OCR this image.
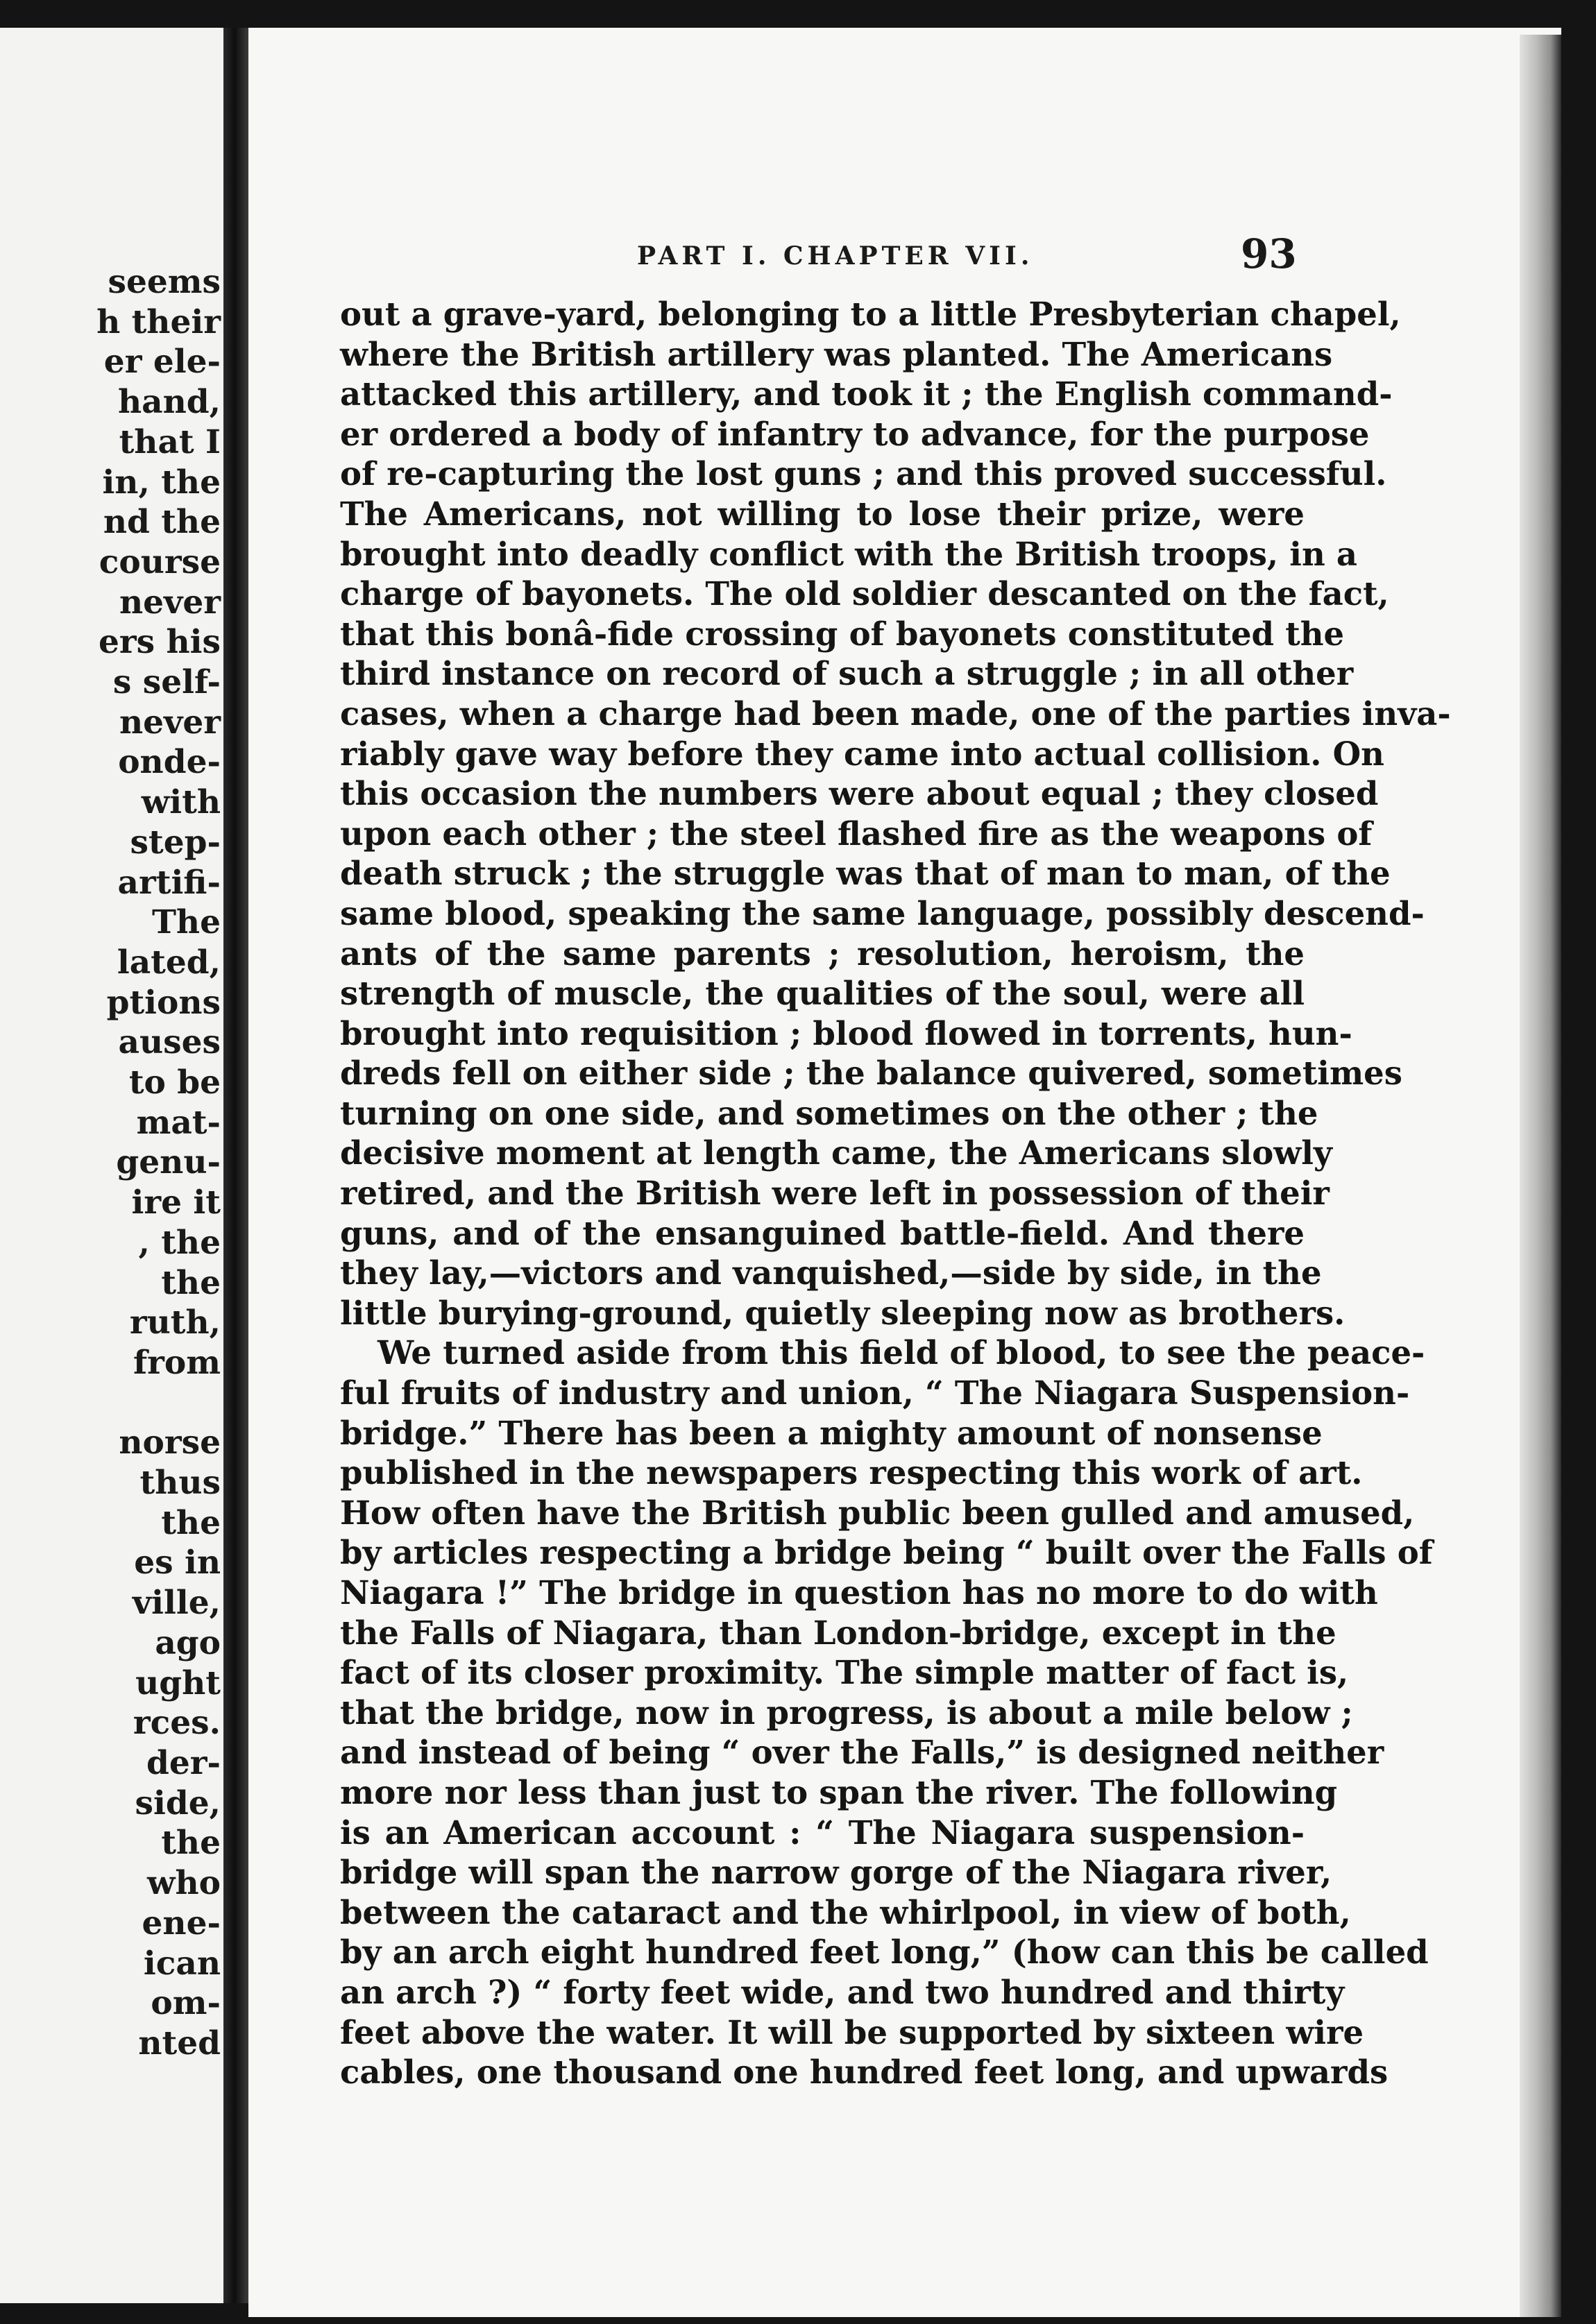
seems
h their
er ele-
hand,
that I
in, the
nd the
course
never
ers his
s self-
never
onde-
with
step-
artifi-
The
lated,
ptions
auses
to be
mat-
genu-
ire it
, the
the
ruth,
from
norse
thus
the
es in
ville,
ago
ught
rces.
der-
side,
the
who
ene-
ican
om-
nted
PART I. CHAPTER VII.	93
out a grave-yard, belonging to a little Presbyterian chapel,
where the British artillery was planted. The Americans
attacked this artillery, and took it ; the English command-
er ordered a body of infantry to advance, for the purpose
of re-capturing the lost guns ; and this proved successful.
The Americans, not willing to lose their prize, were
brought into deadly conflict with the British troops, in a
charge of bayonets. The old soldier descanted on the fact,
that this bonâ-fide crossing of bayonets constituted the
third instance on record of such a struggle ; in all other
cases, when a charge had been made, one of the parties inva-
riably gave way before they came into actual collision. On
this occasion the numbers were about equal ; they closed
upon each other ; the steel flashed fire as the weapons of
death struck ; the struggle was that of man to man, of the
same blood, speaking the same language, possibly descend-
ants of the same parents ; resolution, heroism, the
strength of muscle, the qualities of the soul, were all
brought into requisition ; blood flowed in torrents, hun-
dreds fell on either side ; the balance quivered, sometimes
turning on one side, and sometimes on the other ; the
decisive moment at length came, the Americans slowly
retired, and the British were left in possession of their
guns, and of the ensanguined battle-field. And there
they lay,—victors and vanquished,—side by side, in the
little burying-ground, quietly sleeping now as brothers.
We turned aside from this field of blood, to see the peace-
ful fruits of industry and union, “ The Niagara Suspension-
bridge.” There has been a mighty amount of nonsense
published in the newspapers respecting this work of art.
How often have the British public been gulled and amused,
by articles respecting a bridge being “ built over the Falls of
Niagara !” The bridge in question has no more to do with
the Falls of Niagara, than London-bridge, except in the
fact of its closer proximity. The simple matter of fact is,
that the bridge, now in progress, is about a mile below ;
and instead of being “ over the Falls,” is designed neither
more nor less than just to span the river. The following
is an American account : “ The Niagara suspension-
bridge will span the narrow gorge of the Niagara river,
between the cataract and the whirlpool, in view of both,
by an arch eight hundred feet long,” (how can this be called
an arch ?) “ forty feet wide, and two hundred and thirty
feet above the water. It will be supported by sixteen wire
cables, one thousand one hundred feet long, and upwards
